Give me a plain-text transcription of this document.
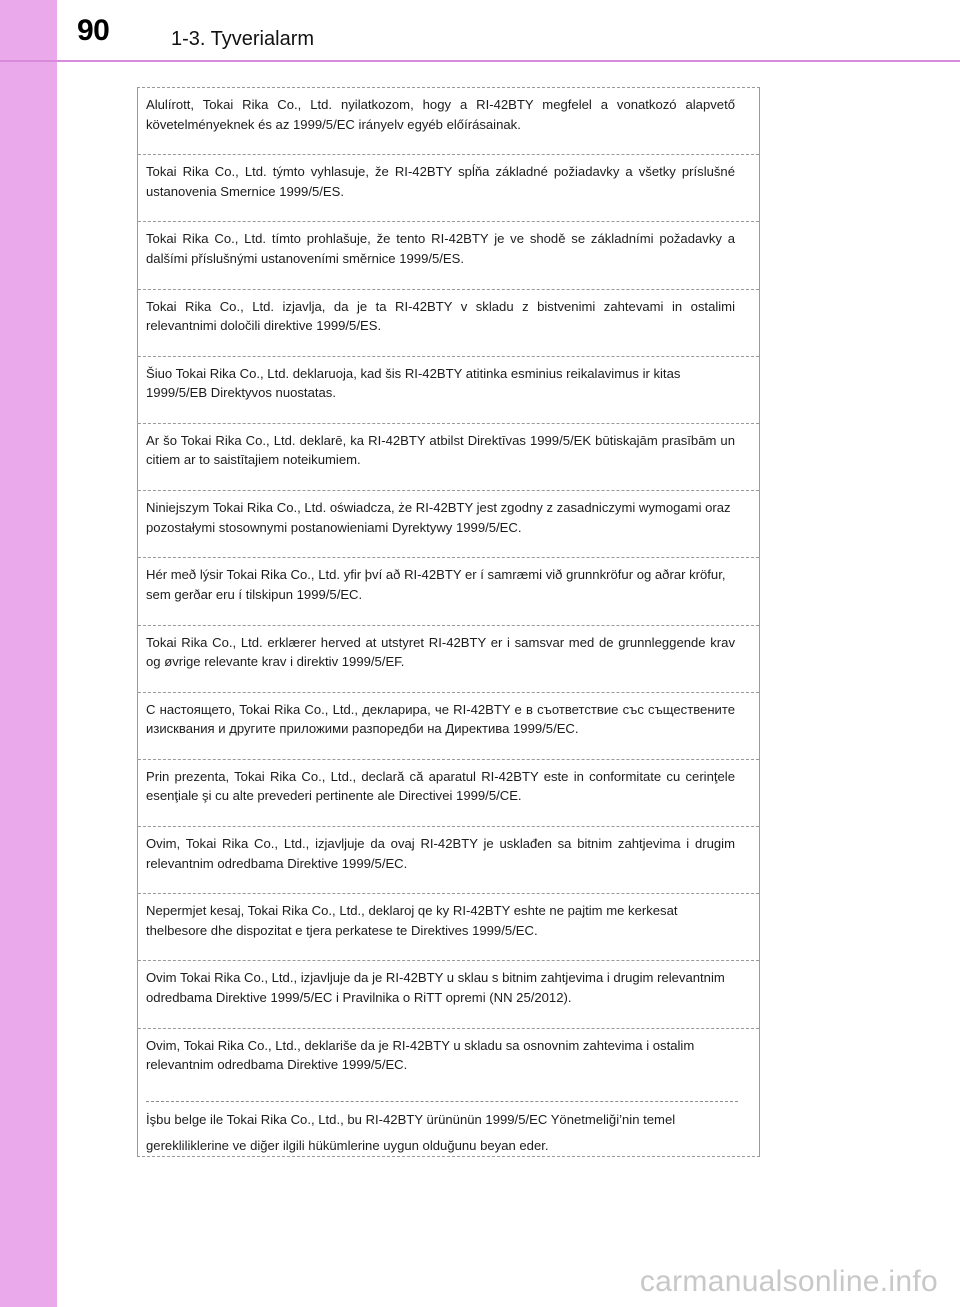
90	1-3. Tyverialarm
Alulírott, Tokai Rika Co., Ltd. nyilatkozom, hogy a RI-42BTY megfelel a vonatkozó alapvető követelményeknek és az 1999/5/EC irányelv egyéb előírásainak.
Tokai Rika Co., Ltd. týmto vyhlasuje, že RI-42BTY spĺňa základné požiadavky a všetky príslušné ustanovenia Smernice 1999/5/ES.
Tokai Rika Co., Ltd. tímto prohlašuje, že tento RI-42BTY je ve shodě se základními požadavky a dalšími příslušnými ustanoveními směrnice 1999/5/ES.
Tokai Rika Co., Ltd. izjavlja, da je ta RI-42BTY v skladu z bistvenimi zahtevami in ostalimi relevantnimi določili direktive 1999/5/ES.
Šiuo Tokai Rika Co., Ltd. deklaruoja, kad šis RI-42BTY atitinka esminius reikalavimus ir kitas 1999/5/EB Direktyvos nuostatas.
Ar šo Tokai Rika Co., Ltd. deklarē, ka RI-42BTY atbilst Direktīvas 1999/5/EK būtiskajām prasībām un citiem ar to saistītajiem noteikumiem.
Niniejszym Tokai Rika Co., Ltd. oświadcza, że RI-42BTY jest zgodny z zasadniczymi wymogami oraz pozostałymi stosownymi postanowieniami Dyrektywy 1999/5/EC.
Hér með lýsir Tokai Rika Co., Ltd. yfir því að RI-42BTY er í samræmi við grunnkröfur og aðrar kröfur, sem gerðar eru í tilskipun 1999/5/EC.
Tokai Rika Co., Ltd. erklærer herved at utstyret RI-42BTY er i samsvar med de grunnleggende krav og øvrige relevante krav i direktiv 1999/5/EF.
С настоящето, Tokai Rika Co., Ltd., декларира, че RI-42BTY е в съответствие със съществените изисквания и другите приложими разпоредби на Директива 1999/5/ЕС.
Prin prezenta, Tokai Rika Co., Ltd., declară că aparatul RI-42BTY este in conformitate cu cerinţele esenţiale şi cu alte prevederi pertinente ale Directivei 1999/5/CE.
Ovim, Tokai Rika Co., Ltd., izjavljuje da ovaj RI-42BTY je usklađen sa bitnim zahtjevima i drugim relevantnim odredbama Direktive 1999/5/EC.
Nepermjet kesaj, Tokai Rika Co., Ltd., deklaroj qe ky RI-42BTY eshte ne pajtim me kerkesat thelbesore dhe dispozitat e tjera perkatese te Direktives 1999/5/EC.
Ovim Tokai Rika Co., Ltd., izjavljuje da je RI-42BTY u sklau s bitnim zahtjevima i drugim relevantnim odredbama Direktive 1999/5/EC i Pravilnika o RiTT opremi (NN 25/2012).
Ovim, Tokai Rika Co., Ltd., deklariše da je RI-42BTY u skladu sa osnovnim zahtevima i ostalim relevantnim odredbama Direktive 1999/5/EC.
İşbu belge ile Tokai Rika Co., Ltd., bu RI-42BTY ürününün 1999/5/EC Yönetmeliği’nin temel
gerekliliklerine ve diğer ilgili hükümlerine uygun olduğunu beyan eder.
carmanualsonline.info
